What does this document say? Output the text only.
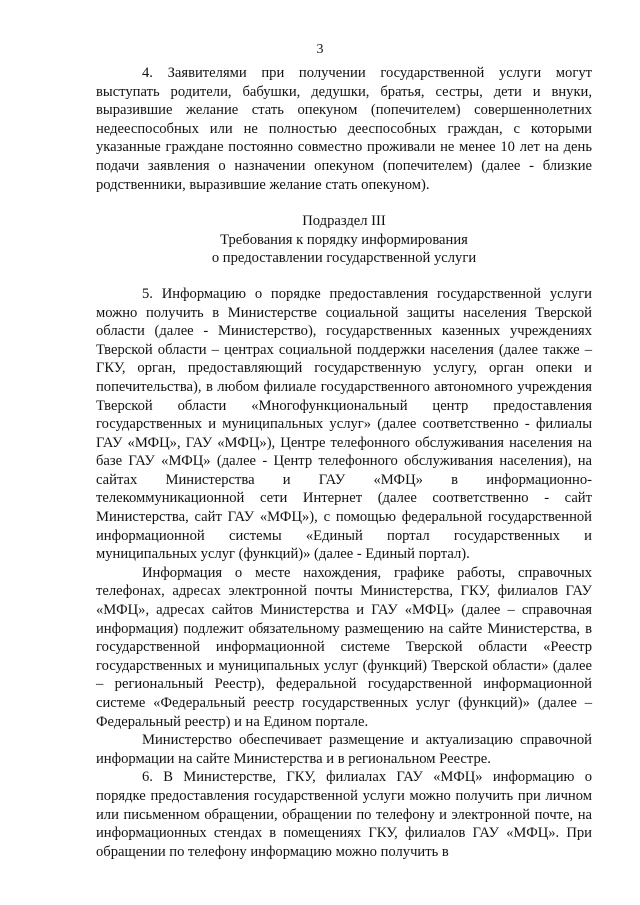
3

4. Заявителями при получении государственной услуги могут выступать родители, бабушки, дедушки, братья, сестры, дети и внуки, выразившие желание стать опекуном (попечителем) совершеннолетних недееспособных или не полностью дееспособных граждан, с которыми указанные граждане постоянно совместно проживали не менее 10 лет на день подачи заявления о назначении опекуном (попечителем) (далее - близкие родственники, выразившие желание стать опекуном).

Подраздел III
Требования к порядку информирования
о предоставлении государственной услуги

5. Информацию о порядке предоставления государственной услуги можно получить в Министерстве социальной защиты населения Тверской области (далее - Министерство), государственных казенных учреждениях Тверской области – центрах социальной поддержки населения (далее также – ГКУ, орган, предоставляющий государственную услугу, орган опеки и попечительства), в любом филиале государственного автономного учреждения Тверской области «Многофункциональный центр предоставления государственных и муниципальных услуг» (далее соответственно - филиалы ГАУ «МФЦ», ГАУ «МФЦ»), Центре телефонного обслуживания населения на базе ГАУ «МФЦ» (далее - Центр телефонного обслуживания населения), на сайтах Министерства и ГАУ «МФЦ» в информационно-телекоммуникационной сети Интернет (далее соответственно - сайт Министерства, сайт ГАУ «МФЦ»), с помощью федеральной государственной информационной системы «Единый портал государственных и муниципальных услуг (функций)» (далее - Единый портал).

Информация о месте нахождения, графике работы, справочных телефонах, адресах электронной почты Министерства, ГКУ, филиалов ГАУ «МФЦ», адресах сайтов Министерства и ГАУ «МФЦ» (далее – справочная информация) подлежит обязательному размещению на сайте Министерства, в государственной информационной системе Тверской области «Реестр государственных и муниципальных услуг (функций) Тверской области» (далее – региональный Реестр), федеральной государственной информационной системе «Федеральный реестр государственных услуг (функций)» (далее – Федеральный реестр) и на Едином портале.

Министерство обеспечивает размещение и актуализацию справочной информации на сайте Министерства и в региональном Реестре.

6. В Министерстве, ГКУ, филиалах ГАУ «МФЦ» информацию о порядке предоставления государственной услуги можно получить при личном или письменном обращении, обращении по телефону и электронной почте, на информационных стендах в помещениях ГКУ, филиалов ГАУ «МФЦ». При обращении по телефону информацию можно получить в
